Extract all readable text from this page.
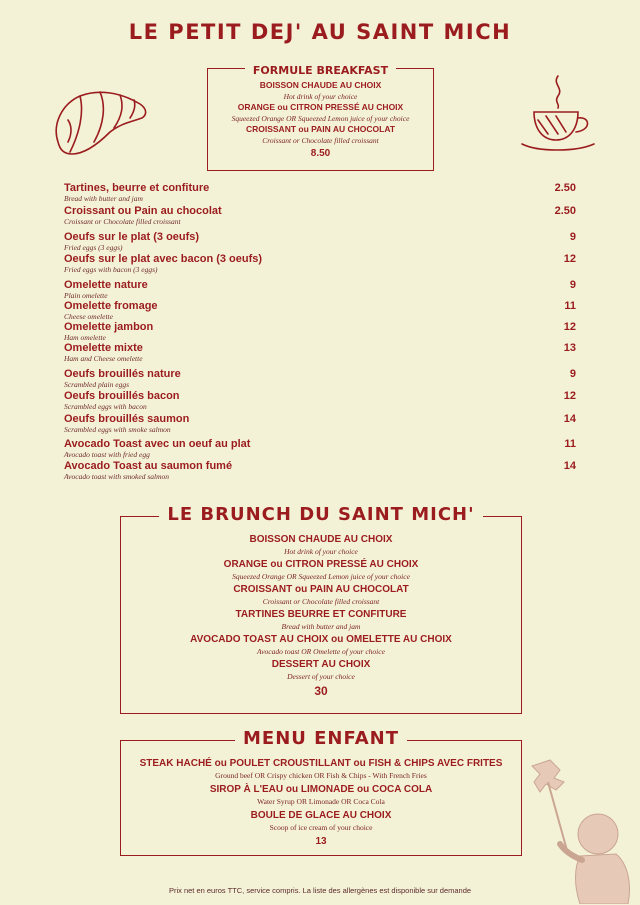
LE PETIT DEJ' AU SAINT MICH
FORMULE BREAKFAST
BOISSON CHAUDE AU CHOIX
Hot drink of your choice
ORANGE ou CITRON PRESSÉ AU CHOIX
Squeezed Orange OR Squeezed Lemon juice of your choice
CROISSANT ou PAIN AU CHOCOLAT
Croissant or Chocolate filled croissant
8.50
Tartines, beurre et confiture
Bread with butter and jam
2.50
Croissant ou Pain au chocolat
Croissant or Chocolate filled croissant
2.50
Oeufs sur le plat (3 oeufs)
Fried eggs (3 eggs)
9
Oeufs sur le plat avec bacon (3 oeufs)
Fried eggs with bacon (3 eggs)
12
Omelette nature
Plain omelette
9
Omelette fromage
Cheese omelette
11
Omelette jambon
Ham omelette
12
Omelette mixte
Ham and Cheese omelette
13
Oeufs brouillés nature
Scrambled plain eggs
9
Oeufs brouillés bacon
Scrambled eggs with bacon
12
Oeufs brouillés saumon
Scrambled eggs with smoke salmon
14
Avocado Toast avec un oeuf au plat
Avocado toast with fried egg
11
Avocado Toast au saumon fumé
Avocado toast with smoked salmon
14
LE BRUNCH DU SAINT MICH'
BOISSON CHAUDE AU CHOIX
Hot drink of your choice
ORANGE ou CITRON PRESSÉ AU CHOIX
Squeezed Orange OR Squeezed Lemon juice of your choice
CROISSANT ou PAIN AU CHOCOLAT
Croissant or Chocolate filled croissant
TARTINES BEURRE ET CONFITURE
Bread with butter and jam
AVOCADO TOAST AU CHOIX ou OMELETTE AU CHOIX
Avocado toast OR Omelette of your choice
DESSERT AU CHOIX
Dessert of your choice
30
MENU ENFANT
STEAK HACHÉ ou POULET CROUSTILLANT ou FISH & CHIPS AVEC FRITES
Ground beef OR Crispy chicken OR Fish & Chips - With French Fries
SIROP À L'EAU ou LIMONADE ou COCA COLA
Water Syrup OR Limonade OR Coca Cola
BOULE DE GLACE AU CHOIX
Scoop of ice cream of your choice
13
Prix net en euros TTC, service compris. La liste des allergènes est disponible sur demande
